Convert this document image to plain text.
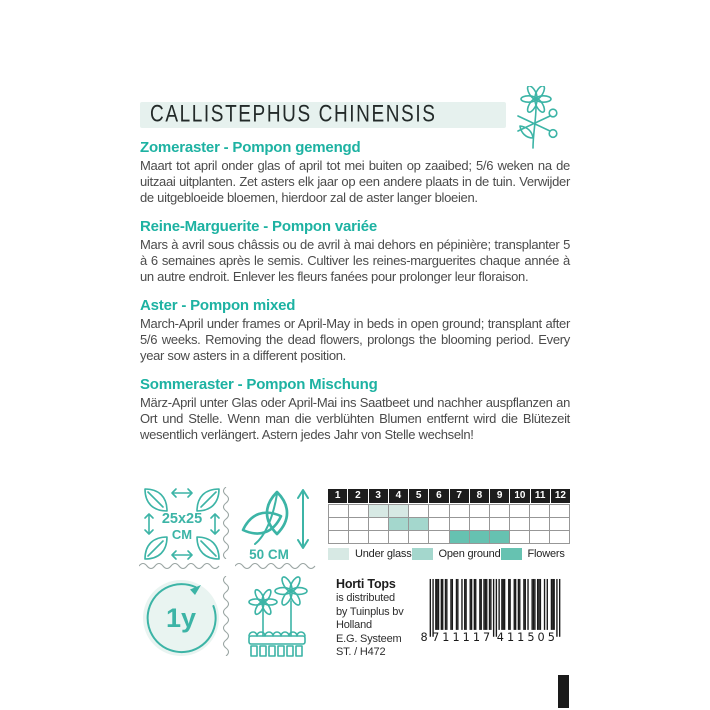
CALLISTEPHUS CHINENSIS
Zomeraster - Pompon gemengd

Maart tot april onder glas of april tot mei buiten op zaaibed; 5/6 weken na de uitzaai uitplanten. Zet asters elk jaar op een andere plaats in de tuin. Verwijder de uitgebloeide bloemen, hierdoor zal de aster langer bloeien.

Reine-Marguerite - Pompon variée

Mars à avril sous châssis ou de avril à mai dehors en pépinière; transplanter 5 à 6 semaines après le semis. Cultiver les reines-marguerites chaque année à un autre endroit. Enlever les fleurs fanées pour prolonger leur floraison.

Aster - Pompon mixed

March-April under frames or April-May in beds in open ground; transplant after 5/6 weeks. Removing the dead flowers, prolongs the blooming period. Every year sow asters in a different position.

Sommeraster - Pompon Mischung

März-April unter Glas oder April-Mai ins Saatbeet und nachher auspflanzen an Ort und Stelle. Wenn man die verblühten Blumen entfernt wird die Blütezeit wesentlich verlängert. Astern jedes Jahr von Stelle wechseln!

25x25
CM
50 CM
1y
1	2	3	4	5	6	7	8	9	10 11 12
Under glass Open ground Flowers
Horti Tops
is distributed
by Tuinplus bv
Holland
E.G. Systeem
ST. / H472
8 711117 411505
